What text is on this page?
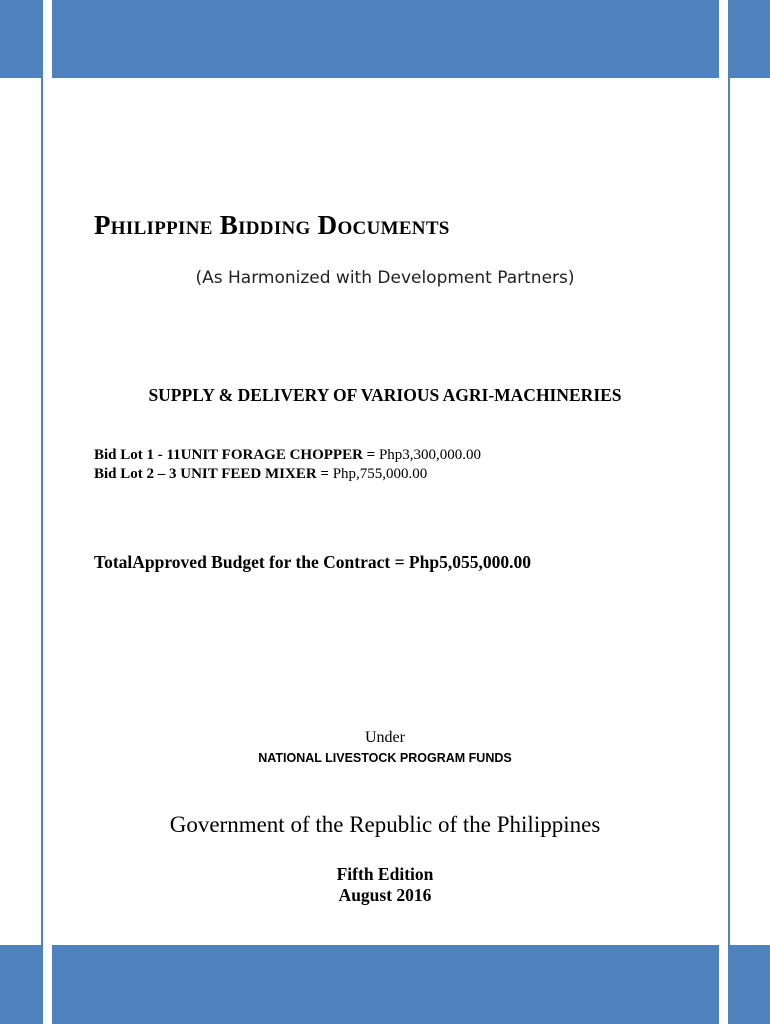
Philippine Bidding Documents
(As Harmonized with Development Partners)
SUPPLY & DELIVERY OF VARIOUS AGRI-MACHINERIES
Bid Lot 1 - 11UNIT FORAGE CHOPPER = Php3,300,000.00
Bid Lot 2 – 3 UNIT FEED MIXER = Php,755,000.00
TotalApproved Budget for the Contract = Php5,055,000.00
Under
NATIONAL LIVESTOCK PROGRAM FUNDS
Government of the Republic of the Philippines
Fifth Edition
August 2016
